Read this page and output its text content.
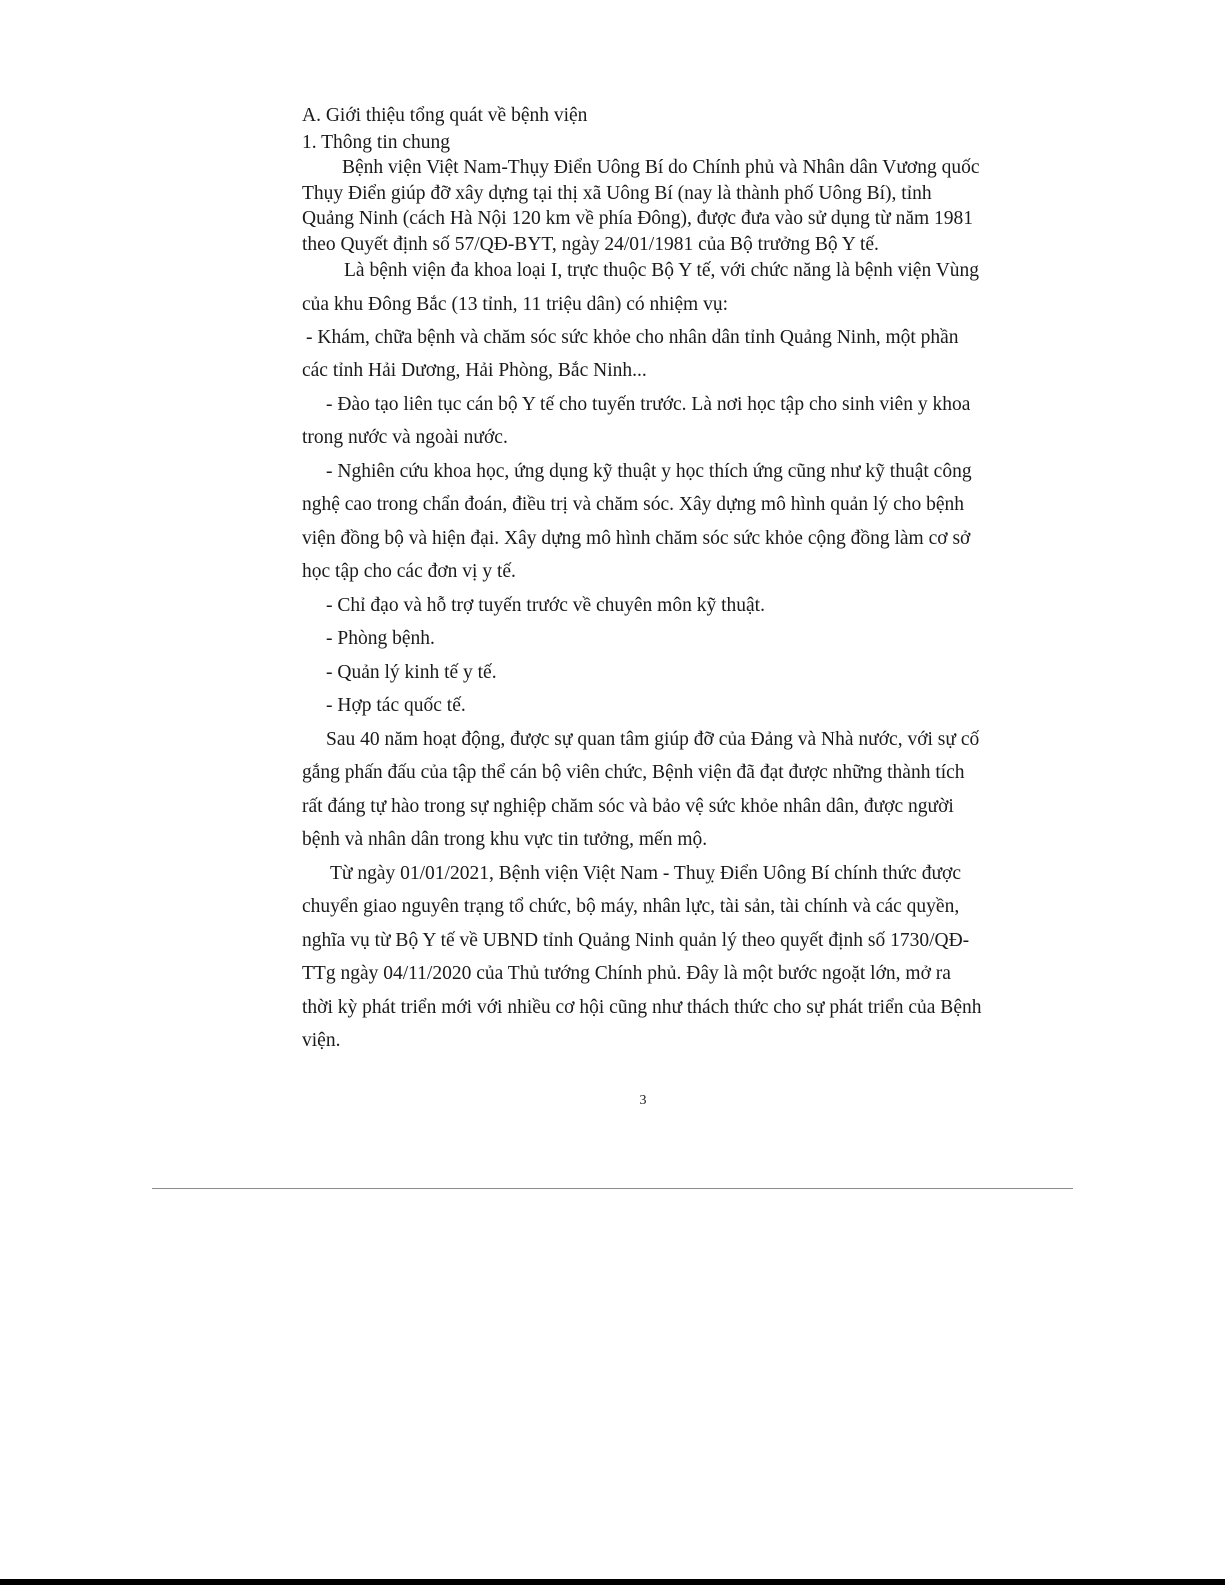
A. Giới thiệu tổng quát về bệnh viện
1. Thông tin chung
Bệnh viện Việt Nam-Thụy Điển Uông Bí do Chính phủ và Nhân dân Vương quốc
Thụy Điển giúp đỡ xây dựng tại thị xã Uông Bí (nay là thành phố Uông Bí), tỉnh
Quảng Ninh (cách Hà Nội 120 km về phía Đông), được đưa vào sử dụng từ năm 1981
theo Quyết định số 57/QĐ-BYT, ngày 24/01/1981 của Bộ trưởng Bộ Y tế.
Là bệnh viện đa khoa loại I, trực thuộc Bộ Y tế, với chức năng là bệnh viện Vùng
của khu Đông Bắc (13 tỉnh, 11 triệu dân) có nhiệm vụ:
- Khám, chữa bệnh và chăm sóc sức khỏe cho nhân dân tỉnh Quảng Ninh, một phần
các tỉnh Hải Dương, Hải Phòng, Bắc Ninh...
- Đào tạo liên tục cán bộ Y tế cho tuyến trước. Là nơi học tập cho sinh viên y khoa
trong nước và ngoài nước.
- Nghiên cứu khoa học, ứng dụng kỹ thuật y học thích ứng cũng như kỹ thuật công
nghệ cao trong chẩn đoán, điều trị và chăm sóc. Xây dựng mô hình quản lý cho bệnh
viện đồng bộ và hiện đại. Xây dựng mô hình chăm sóc sức khỏe cộng đồng làm cơ sở
học tập cho các đơn vị y tế.
- Chỉ đạo và hỗ trợ tuyến trước về chuyên môn kỹ thuật.
- Phòng bệnh.
- Quản lý kinh tế y tế.
- Hợp tác quốc tế.
Sau 40 năm hoạt động, được sự quan tâm giúp đỡ của Đảng và Nhà nước, với sự cố
gắng phấn đấu của tập thể cán bộ viên chức, Bệnh viện đã đạt được những thành tích
rất đáng tự hào trong sự nghiệp chăm sóc và bảo vệ sức khỏe nhân dân, được người
bệnh và nhân dân trong khu vực tin tưởng, mến mộ.
Từ ngày 01/01/2021, Bệnh viện Việt Nam - Thuỵ Điển Uông Bí chính thức được
chuyển giao nguyên trạng tổ chức, bộ máy, nhân lực, tài sản, tài chính và các quyền,
nghĩa vụ từ Bộ Y tế về UBND tỉnh Quảng Ninh quản lý theo quyết định số 1730/QĐ-
TTg ngày 04/11/2020 của Thủ tướng Chính phủ. Đây là một bước ngoặt lớn, mở ra
thời kỳ phát triển mới với nhiều cơ hội cũng như thách thức cho sự phát triển của Bệnh
viện.
3
